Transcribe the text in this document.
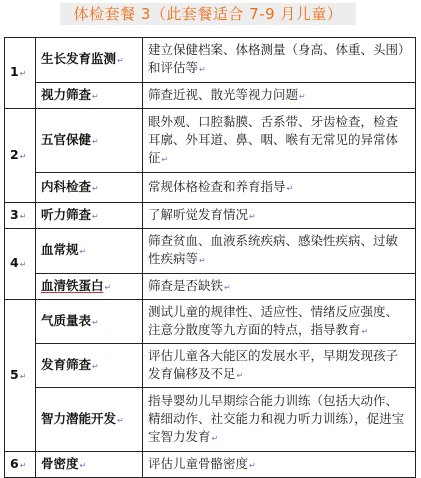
体检套餐 3（此套餐适合 7-9 月儿童）
1↵	生长发育监测↵	建立保健档案、体格测量（身高、体重、头围）和评估等↵
	视力筛查↵	筛查近视、散光等视力问题↵
2↵	五官保健↵	眼外观、口腔黏膜、舌系带、牙齿检查，检查耳廓、外耳道、鼻、咽、喉有无常见的异常体征↵
	内科检查↵	常规体格检查和养育指导↵
3↵	听力筛查↵	了解听觉发育情况↵
4↵	血常规↵	筛查贫血、血液系统疾病、感染性疾病、过敏性疾病等↵
	血清铁蛋白↵	筛查是否缺铁↵
5↵	气质量表↵	测试儿童的规律性、适应性、情绪反应强度、注意分散度等九方面的特点，指导教育↵
	发育筛查↵	评估儿童各大能区的发展水平，早期发现孩子发育偏移及不足↵
	智力潜能开发↵	指导婴幼儿早期综合能力训练（包括大动作、精细动作、社交能力和视力听力训练），促进宝宝智力发育↵
6↵	骨密度↵	评估儿童骨骼密度↵
